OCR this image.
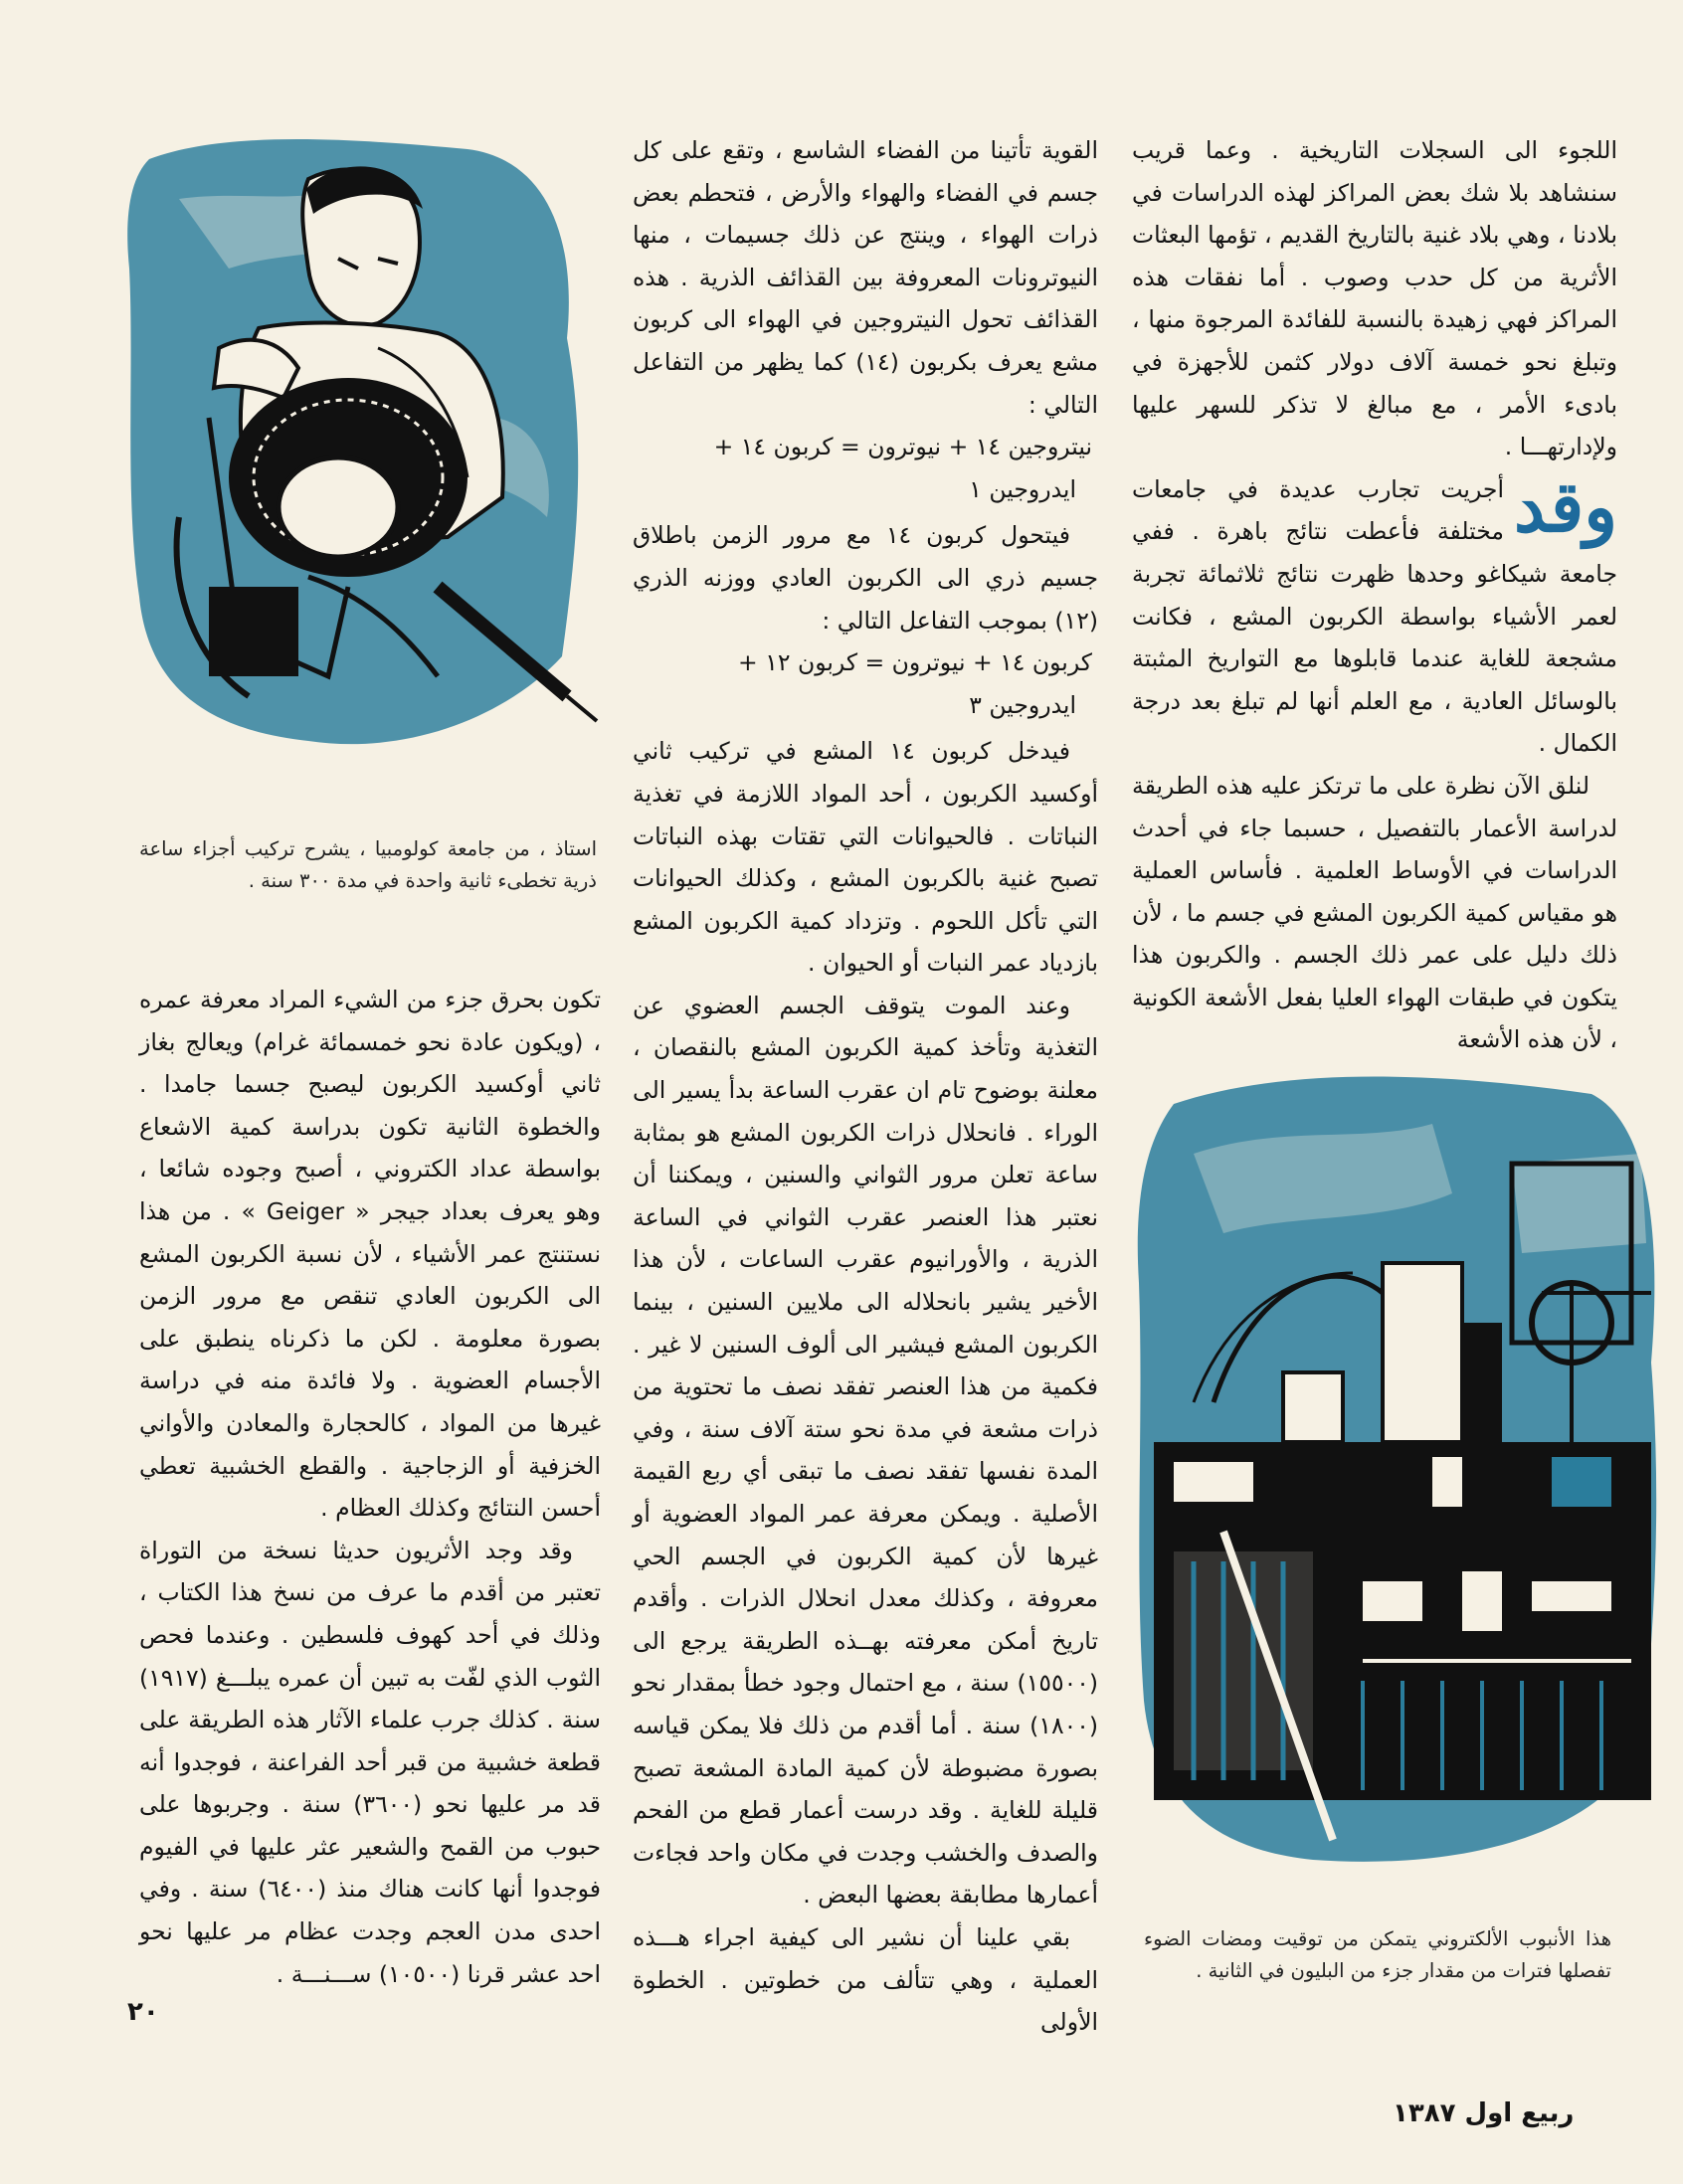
استاذ ، من جامعة كولومبيا ، يشرح تركيب أجزاء ساعة ذرية تخطىء ثانية واحدة في مدة ٣٠٠ سنة .
هذا الأنبوب الألكتروني يتمكن من توقيت ومضات الضوء تفصلها فترات من مقدار جزء من البليون في الثانية .

اللجوء الى السجلات التاريخية . وعما قريب سنشاهد بلا شك بعض المراكز لهذه الدراسات في بلادنا ، وهي بلاد غنية بالتاريخ القديم ، تؤمها البعثات الأثرية من كل حدب وصوب . أما نفقات هذه المراكز فهي زهيدة بالنسبة للفائدة المرجوة منها ، وتبلغ نحو خمسة آلاف دولار كثمن للأجهزة في بادىء الأمر ، مع مبالغ لا تذكر للسهر عليها ولإدارتهـــا .

وقد
أجريت تجارب عديدة في جامعات مختلفة فأعطت نتائج باهرة . ففي جامعة شيكاغو وحدها ظهرت نتائج ثلاثمائة تجربة لعمر الأشياء بواسطة الكربون المشع ، فكانت مشجعة للغاية عندما قابلوها مع التواريخ المثبتة بالوسائل العادية ، مع العلم أنها لم تبلغ بعد درجة الكمال .

لنلق الآن نظرة على ما ترتكز عليه هذه الطريقة لدراسة الأعمار بالتفصيل ، حسبما جاء في أحدث الدراسات في الأوساط العلمية . فأساس العملية هو مقياس كمية الكربون المشع في جسم ما ، لأن ذلك دليل على عمر ذلك الجسم . والكربون هذا يتكون في طبقات الهواء العليا بفعل الأشعة الكونية ، لأن هذه الأشعة

القوية تأتينا من الفضاء الشاسع ، وتقع على كل جسم في الفضاء والهواء والأرض ، فتحطم بعض ذرات الهواء ، وينتج عن ذلك جسيمات ، منها النيوترونات المعروفة بين القذائف الذرية . هذه القذائف تحول النيتروجين في الهواء الى كربون مشع يعرف بكربون (١٤) كما يظهر من التفاعل التالي :

نيتروجين ١٤ + نيوترون = كربون ١٤ +

ايدروجين ١

فيتحول كربون ١٤ مع مرور الزمن باطلاق جسيم ذري الى الكربون العادي ووزنه الذري (١٢) بموجب التفاعل التالي :

كربون ١٤ + نيوترون = كربون ١٢ +

ايدروجين ٣

فيدخل كربون ١٤ المشع في تركيب ثاني أوكسيد الكربون ، أحد المواد اللازمة في تغذية النباتات . فالحيوانات التي تقتات بهذه النباتات تصبح غنية بالكربون المشع ، وكذلك الحيوانات التي تأكل اللحوم . وتزداد كمية الكربون المشع بازدياد عمر النبات أو الحيوان .

وعند الموت يتوقف الجسم العضوي عن التغذية وتأخذ كمية الكربون المشع بالنقصان ، معلنة بوضوح تام ان عقرب الساعة بدأ يسير الى الوراء . فانحلال ذرات الكربون المشع هو بمثابة ساعة تعلن مرور الثواني والسنين ، ويمكننا أن نعتبر هذا العنصر عقرب الثواني في الساعة الذرية ، والأورانيوم عقرب الساعات ، لأن هذا الأخير يشير بانحلاله الى ملايين السنين ، بينما الكربون المشع فيشير الى ألوف السنين لا غير . فكمية من هذا العنصر تفقد نصف ما تحتوية من ذرات مشعة في مدة نحو ستة آلاف سنة ، وفي المدة نفسها تفقد نصف ما تبقى أي ربع القيمة الأصلية . ويمكن معرفة عمر المواد العضوية أو غيرها لأن كمية الكربون في الجسم الحي معروفة ، وكذلك معدل انحلال الذرات . وأقدم تاريخ أمكن معرفته بهــذه الطريقة يرجع الى (١٥٥٠٠) سنة ، مع احتمال وجود خطأ بمقدار نحو (١٨٠٠) سنة . أما أقدم من ذلك فلا يمكن قياسه بصورة مضبوطة لأن كمية المادة المشعة تصبح قليلة للغاية . وقد درست أعمار قطع من الفحم والصدف والخشب وجدت في مكان واحد فجاءت أعمارها مطابقة بعضها البعض .

بقي علينا أن نشير الى كيفية اجراء هـــذه العملية ، وهي تتألف من خطوتين . الخطوة الأولى

تكون بحرق جزء من الشيء المراد معرفة عمره ، (ويكون عادة نحو خمسمائة غرام) ويعالج بغاز ثاني أوكسيد الكربون ليصبح جسما جامدا . والخطوة الثانية تكون بدراسة كمية الاشعاع بواسطة عداد الكتروني ، أصبح وجوده شائعا ، وهو يعرف بعداد جيجر « Geiger » . من هذا نستنتج عمر الأشياء ، لأن نسبة الكربون المشع الى الكربون العادي تنقص مع مرور الزمن بصورة معلومة . لكن ما ذكرناه ينطبق على الأجسام العضوية . ولا فائدة منه في دراسة غيرها من المواد ، كالحجارة والمعادن والأواني الخزفية أو الزجاجية . والقطع الخشبية تعطي أحسن النتائج وكذلك العظام .

وقد وجد الأثريون حديثا نسخة من التوراة تعتبر من أقدم ما عرف من نسخ هذا الكتاب ، وذلك في أحد كهوف فلسطين . وعندما فحص الثوب الذي لفّت به تبين أن عمره يبلـــغ (١٩١٧) سنة . كذلك جرب علماء الآثار هذه الطريقة على قطعة خشبية من قبر أحد الفراعنة ، فوجدوا أنه قد مر عليها نحو (٣٦٠٠) سنة . وجربوها على حبوب من القمح والشعير عثر عليها في الفيوم فوجدوا أنها كانت هناك منذ (٦٤٠٠) سنة . وفي احدى مدن العجم وجدت عظام مر عليها نحو احد عشر قرنا (١٠٥٠٠) ســـنـــة .

٢٠
ربيع اول ١٣٨٧
